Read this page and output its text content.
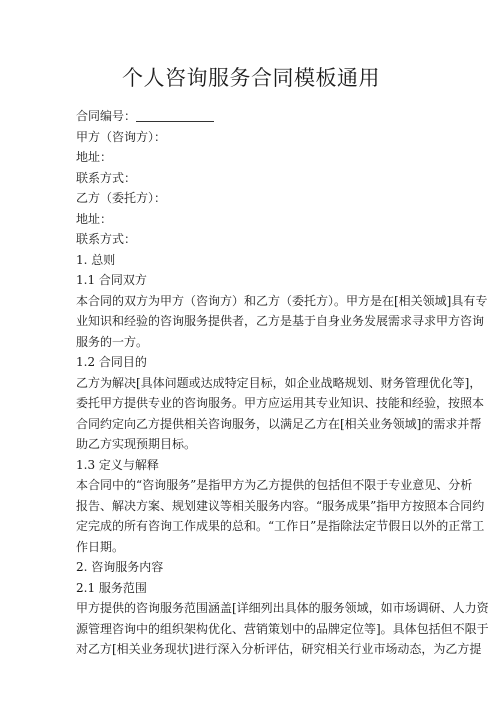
个人咨询服务合同模板通用

合同编号：

甲方（咨询方）：

地址：

联系方式：

乙方（委托方）：

地址：

联系方式：

1. 总则

1.1 合同双方

本合同的双方为甲方（咨询方）和乙方（委托方）。甲方是在[相关领域]具有专
业知识和经验的咨询服务提供者，乙方是基于自身业务发展需求寻求甲方咨询
服务的一方。

1.2 合同目的

乙方为解决[具体问题或达成特定目标，如企业战略规划、财务管理优化等]，
委托甲方提供专业的咨询服务。甲方应运用其专业知识、技能和经验，按照本
合同约定向乙方提供相关咨询服务，以满足乙方在[相关业务领域]的需求并帮
助乙方实现预期目标。

1.3 定义与解释

本合同中的“咨询服务”是指甲方为乙方提供的包括但不限于专业意见、分析
报告、解决方案、规划建议等相关服务内容。“服务成果”指甲方按照本合同约
定完成的所有咨询工作成果的总和。“工作日”是指除法定节假日以外的正常工
作日期。

2. 咨询服务内容

2.1 服务范围

甲方提供的咨询服务范围涵盖[详细列出具体的服务领域，如市场调研、人力资
源管理咨询中的组织架构优化、营销策划中的品牌定位等]。具体包括但不限于
对乙方[相关业务现状]进行深入分析评估，研究相关行业市场动态，为乙方提
